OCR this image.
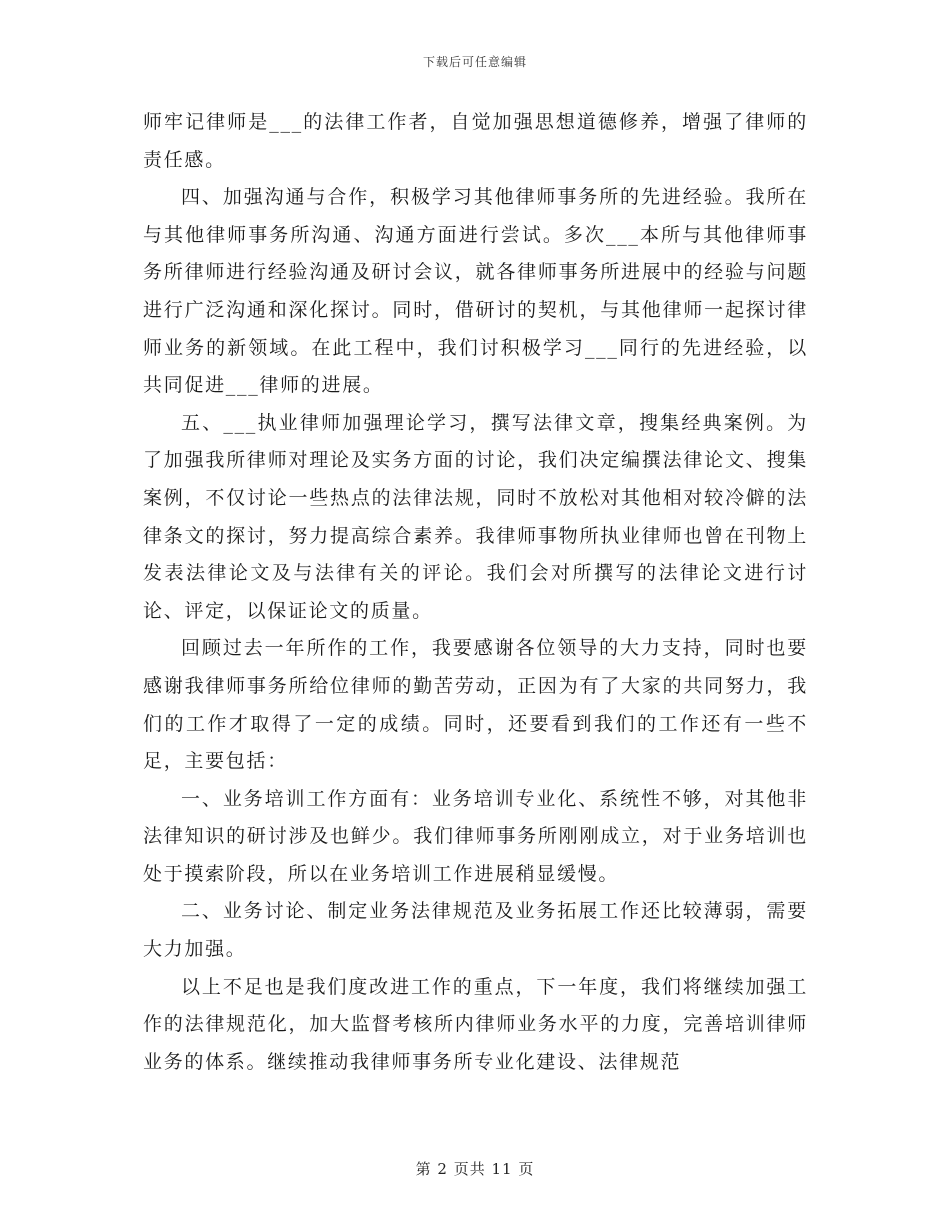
下载后可任意编辑

师牢记律师是___的法律工作者，自觉加强思想道德修养，增强了律师的责任感。

四、加强沟通与合作，积极学习其他律师事务所的先进经验。我所在与其他律师事务所沟通、沟通方面进行尝试。多次___本所与其他律师事务所律师进行经验沟通及研讨会议，就各律师事务所进展中的经验与问题进行广泛沟通和深化探讨。同时，借研讨的契机，与其他律师一起探讨律师业务的新领域。在此工程中，我们讨积极学习___同行的先进经验，以共同促进___律师的进展。

五、___执业律师加强理论学习，撰写法律文章，搜集经典案例。为了加强我所律师对理论及实务方面的讨论，我们决定编撰法律论文、搜集案例，不仅讨论一些热点的法律法规，同时不放松对其他相对较冷僻的法律条文的探讨，努力提高综合素养。我律师事物所执业律师也曾在刊物上发表法律论文及与法律有关的评论。我们会对所撰写的法律论文进行讨论、评定，以保证论文的质量。

回顾过去一年所作的工作，我要感谢各位领导的大力支持，同时也要感谢我律师事务所给位律师的勤苦劳动，正因为有了大家的共同努力，我们的工作才取得了一定的成绩。同时，还要看到我们的工作还有一些不足，主要包括：

一、业务培训工作方面有：业务培训专业化、系统性不够，对其他非法律知识的研讨涉及也鲜少。我们律师事务所刚刚成立，对于业务培训也处于摸索阶段，所以在业务培训工作进展稍显缓慢。

二、业务讨论、制定业务法律规范及业务拓展工作还比较薄弱，需要大力加强。

以上不足也是我们度改进工作的重点，下一年度，我们将继续加强工作的法律规范化，加大监督考核所内律师业务水平的力度，完善培训律师业务的体系。继续推动我律师事务所专业化建设、法律规范

第 2 页共 11 页
